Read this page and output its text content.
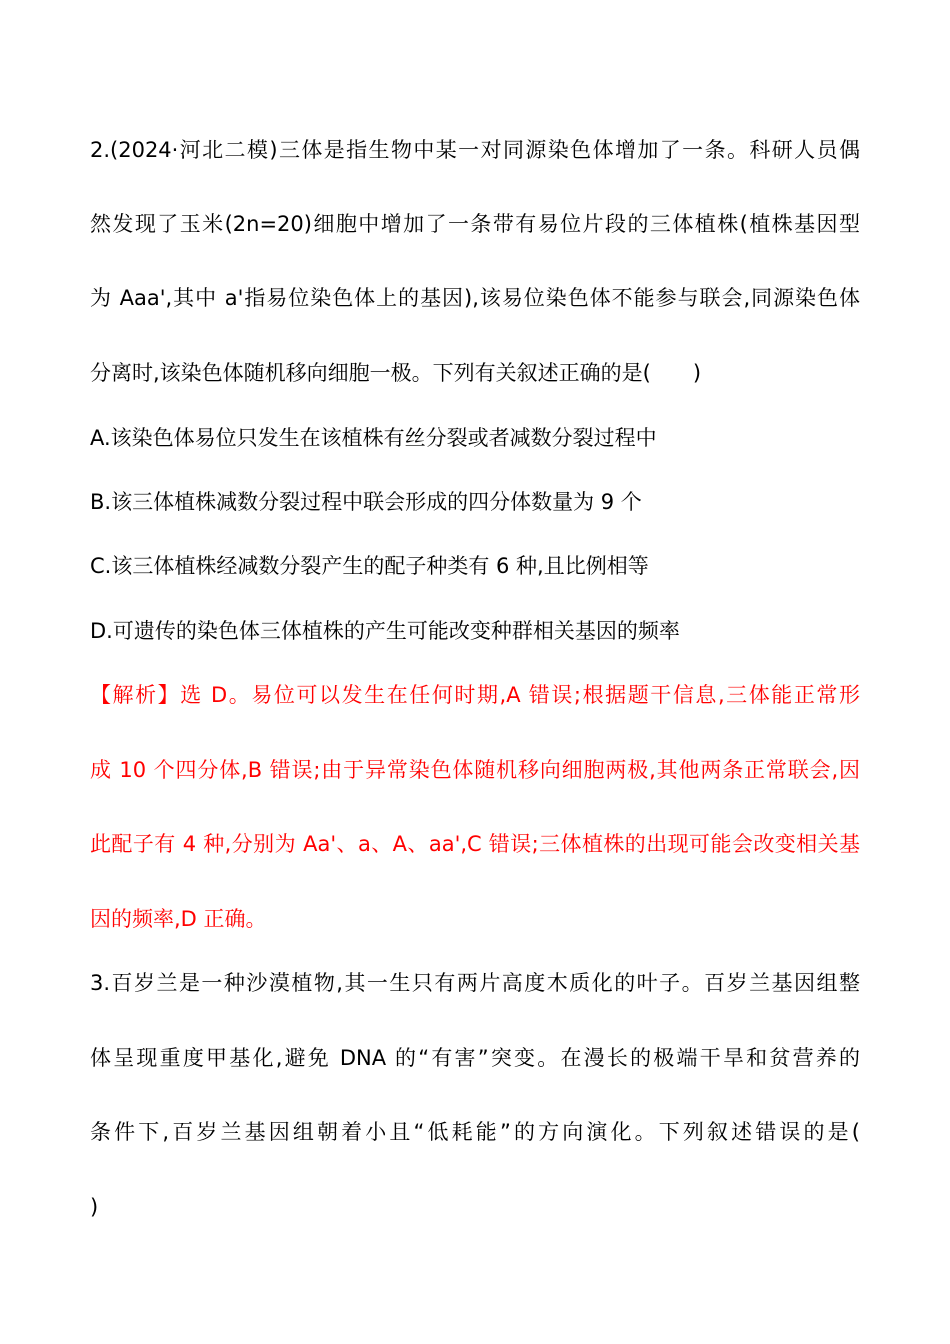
2.(2024·河北二模)三体是指生物中某一对同源染色体增加了一条。科研人员偶
然发现了玉米(2n=20)细胞中增加了一条带有易位片段的三体植株(植株基因型
为 Aaa',其中 a'指易位染色体上的基因),该易位染色体不能参与联会,同源染色体
分离时,该染色体随机移向细胞一极。下列有关叙述正确的是(　　)
A.该染色体易位只发生在该植株有丝分裂或者减数分裂过程中
B.该三体植株减数分裂过程中联会形成的四分体数量为 9 个
C.该三体植株经减数分裂产生的配子种类有 6 种,且比例相等
D.可遗传的染色体三体植株的产生可能改变种群相关基因的频率
【解析】选 D。易位可以发生在任何时期,A 错误;根据题干信息,三体能正常形
成 10 个四分体,B 错误;由于异常染色体随机移向细胞两极,其他两条正常联会,因
此配子有 4 种,分别为 Aa'、a、A、aa',C 错误;三体植株的出现可能会改变相关基
因的频率,D 正确。
3.百岁兰是一种沙漠植物,其一生只有两片高度木质化的叶子。百岁兰基因组整
体呈现重度甲基化,避免 DNA 的“有害”突变。在漫长的极端干旱和贫营养的
条件下,百岁兰基因组朝着小且“低耗能”的方向演化。下列叙述错误的是(
)
